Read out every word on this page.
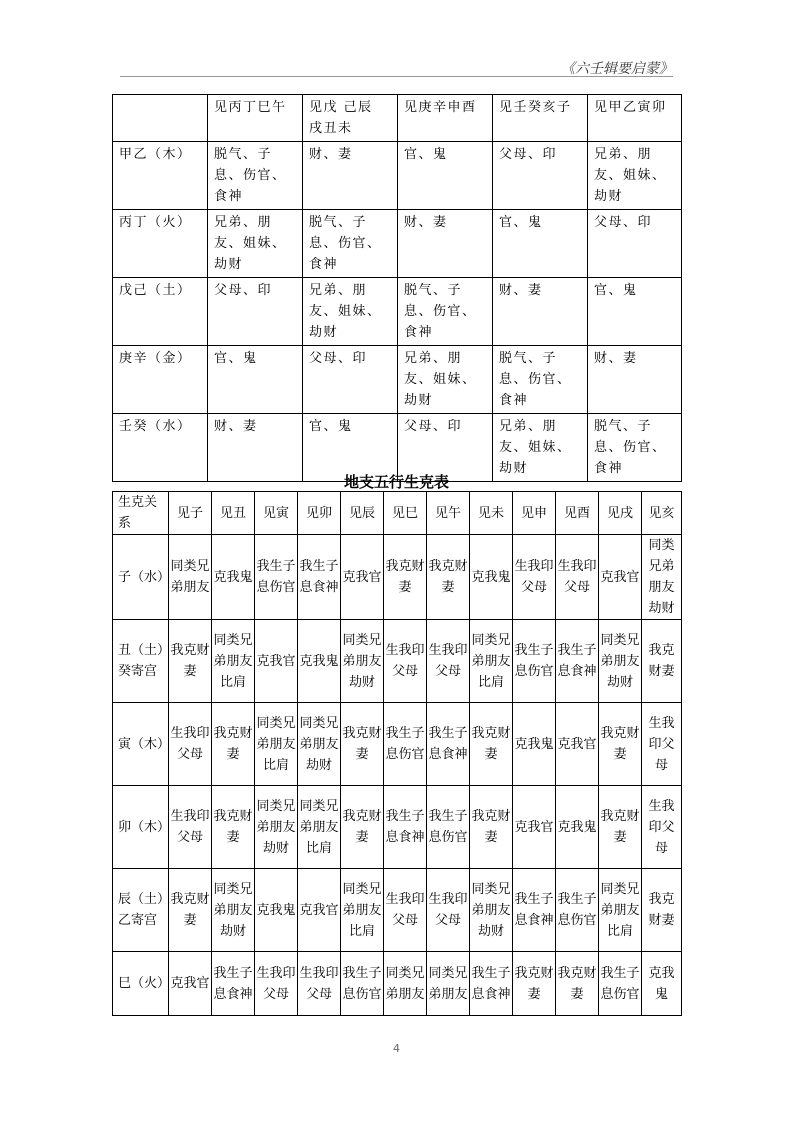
《六壬辑要启蒙》
	见丙丁巳午	见戊 己辰 戌丑未	见庚辛申酉	见壬癸亥子	见甲乙寅卯
甲乙（木）	脱气、子息、伤官、食神	财、妻	官、鬼	父母、印	兄弟、朋友、姐妹、劫财
丙丁（火）	兄弟、朋友、姐妹、劫财	脱气、子息、伤官、食神	财、妻	官、鬼	父母、印
戊己（土）	父母、印	兄弟、朋友、姐妹、劫财	脱气、子息、伤官、食神	财、妻	官、鬼
庚辛（金）	官、鬼	父母、印	兄弟、朋友、姐妹、劫财	脱气、子息、伤官、食神	财、妻
壬癸（水）	财、妻	官、鬼	父母、印	兄弟、朋友、姐妹、劫财	脱气、子息、伤官、食神
地支五行生克表
生克关系	见子	见丑	见寅	见卯	见辰	见巳	见午	见未	见申	见酉	见戌	见亥
子（水）	同类兄弟朋友	克我鬼	我生子息伤官	我生子息食神	克我官	我克财妻	我克财妻	克我鬼	生我印父母	生我印父母	克我官	同类兄弟朋友劫财
丑（土）癸寄宫	我克财妻	同类兄弟朋友比肩	克我官	克我鬼	同类兄弟朋友劫财	生我印父母	生我印父母	同类兄弟朋友比肩	我生子息伤官	我生子息食神	同类兄弟朋友劫财	我克财妻
寅（木）	生我印父母	我克财妻	同类兄弟朋友比肩	同类兄弟朋友劫财	我克财妻	我生子息伤官	我生子息食神	我克财妻	克我鬼	克我官	我克财妻	生我印父母
卯（木）	生我印父母	我克财妻	同类兄弟朋友劫财	同类兄弟朋友比肩	我克财妻	我生子息食神	我生子息伤官	我克财妻	克我官	克我鬼	我克财妻	生我印父母
辰（土）乙寄宫	我克财妻	同类兄弟朋友劫财	克我鬼	克我官	同类兄弟朋友比肩	生我印父母	生我印父母	同类兄弟朋友劫财	我生子息食神	我生子息伤官	同类兄弟朋友比肩	我克财妻
巳（火）	克我官	我生子息食神	生我印父母	生我印父母	我生子息伤官	同类兄弟朋友	同类兄弟朋友	我生子息食神	我克财妻	我克财妻	我生子息伤官	克我鬼
4
